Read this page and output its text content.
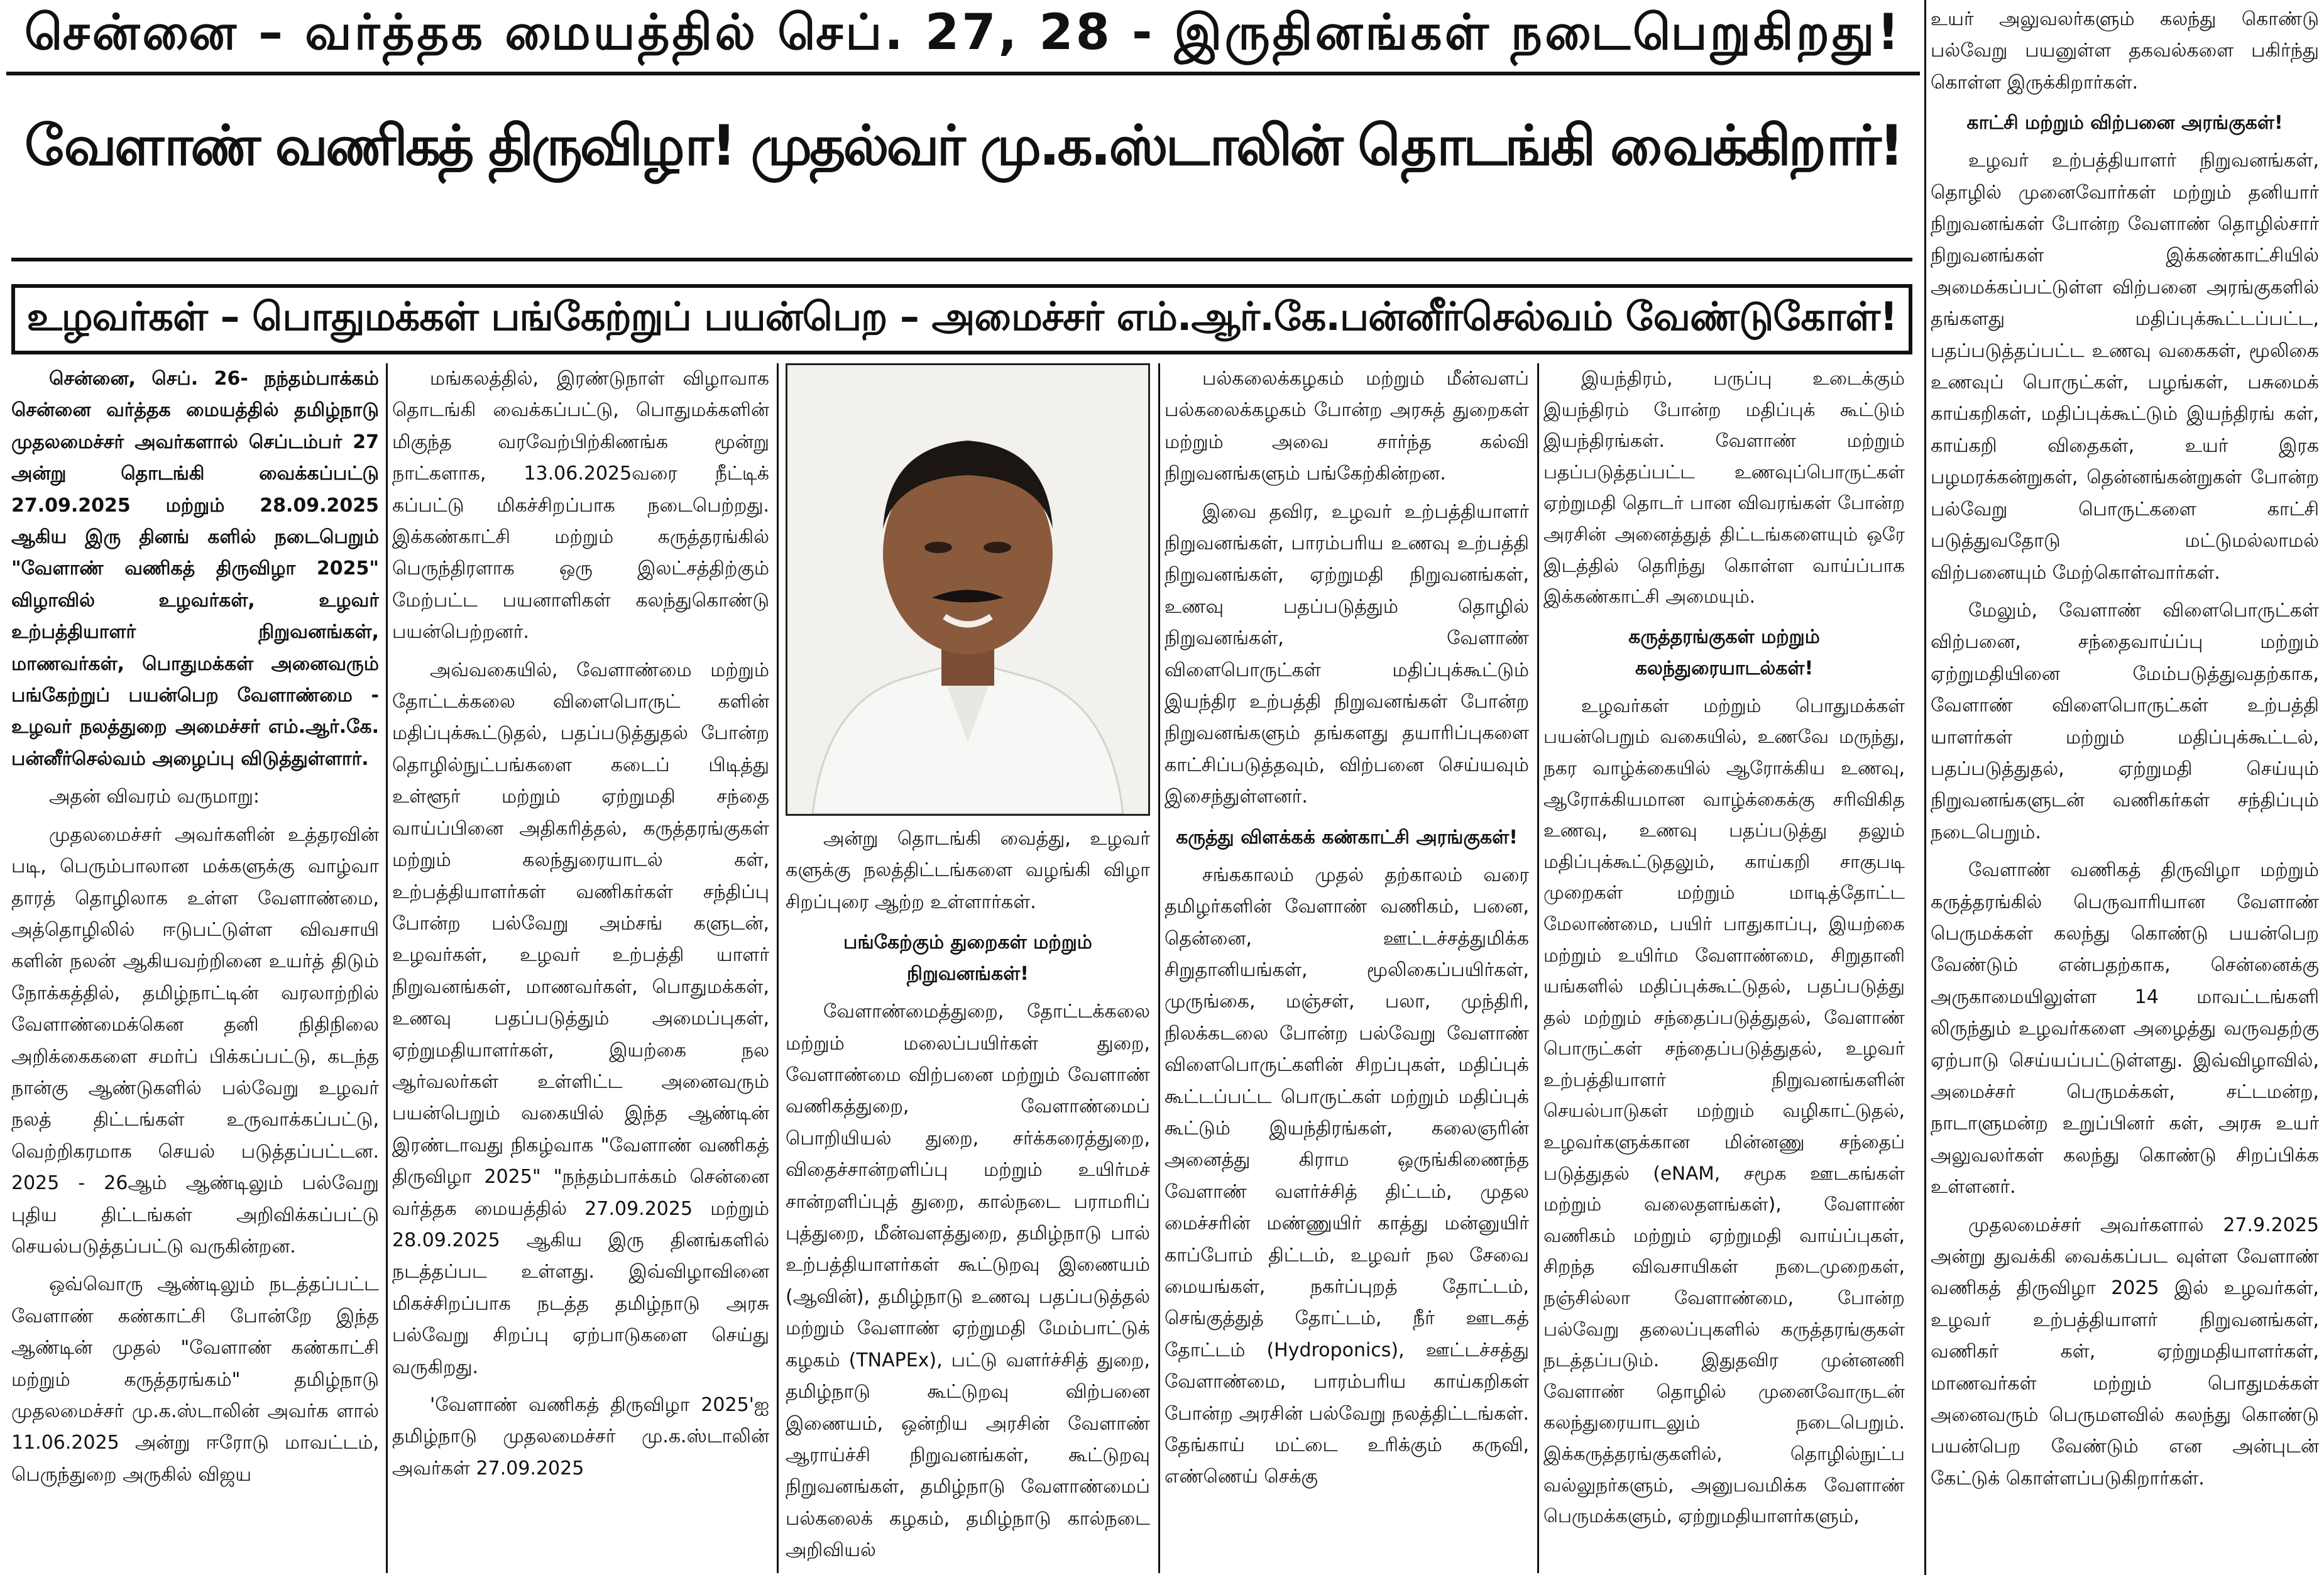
சென்னை – வர்த்தக மையத்தில் செப். 27, 28 - இருதினங்கள் நடைபெறுகிறது!
வேளாண் வணிகத் திருவிழா! முதல்வர் மு.க.ஸ்டாலின் தொடங்கி வைக்கிறார்!
உழவர்கள் – பொதுமக்கள் பங்கேற்றுப் பயன்பெற – அமைச்சர் எம்.ஆர்.கே.பன்னீர்செல்வம் வேண்டுகோள்!

சென்னை, செப். 26- நந்தம்பாக்கம் சென்னை வர்த்தக மையத்தில் தமிழ்நாடு முதலமைச்சர் அவர்களால் செப்டம்பர் 27 அன்று தொடங்கி வைக்கப்பட்டு 27.09.2025 மற்றும் 28.09.2025 ஆகிய இரு தினங் களில் நடைபெறும் "வேளாண் வணிகத் திருவிழா 2025" விழாவில் உழவர்கள், உழவர் உற்பத்தியாளர் நிறுவனங்கள், மாணவர்கள், பொதுமக்கள் அனைவரும் பங்கேற்றுப் பயன்பெற வேளாண்மை - உழவர் நலத்துறை அமைச்சர் எம்.ஆர்.கே. பன்னீர்செல்வம் அழைப்பு விடுத்துள்ளார்.

அதன் விவரம் வருமாறு:

முதலமைச்சர் அவர்களின் உத்தரவின் படி, பெரும்பாலான மக்களுக்கு வாழ்வா தாரத் தொழிலாக உள்ள வேளாண்மை, அத்தொழிலில் ஈடுபட்டுள்ள விவசாயி களின் நலன் ஆகியவற்றினை உயர்த் திடும் நோக்கத்தில், தமிழ்நாட்டின் வரலாற்றில் வேளாண்மைக்கென தனி நிதிநிலை அறிக்கைகளை சமர்ப் பிக்கப்பட்டு, கடந்த நான்கு ஆண்டுகளில் பல்வேறு உழவர் நலத் திட்டங்கள் உருவாக்கப்பட்டு, வெற்றிகரமாக செயல் படுத்தப்பட்டன. 2025 - 26ஆம் ஆண்டிலும் பல்வேறு புதிய திட்டங்கள் அறிவிக்கப்பட்டு செயல்படுத்தப்பட்டு வருகின்றன.

ஒவ்வொரு ஆண்டிலும் நடத்தப்பட்ட வேளாண் கண்காட்சி போன்றே இந்த ஆண்டின் முதல் "வேளாண் கண்காட்சி மற்றும் கருத்தரங்கம்" தமிழ்நாடு முதலமைச்சர் மு.க.ஸ்டாலின் அவர்க ளால் 11.06.2025 அன்று ஈரோடு மாவட்டம், பெருந்துறை அருகில் விஜய

மங்கலத்தில், இரண்டுநாள் விழாவாக தொடங்கி வைக்கப்பட்டு, பொதுமக்களின் மிகுந்த வரவேற்பிற்கிணங்க மூன்று நாட்களாக, 13.06.2025வரை நீட்டிக் கப்பட்டு மிகச்சிறப்பாக நடைபெற்றது. இக்கண்காட்சி மற்றும் கருத்தரங்கில் பெருந்திரளாக ஒரு இலட்சத்திற்கும் மேற்பட்ட பயனாளிகள் கலந்துகொண்டு பயன்பெற்றனர்.

அவ்வகையில், வேளாண்மை மற்றும் தோட்டக்கலை விளைபொருட் களின் மதிப்புக்கூட்டுதல், பதப்படுத்துதல் போன்ற தொழில்நுட்பங்களை கடைப் பிடித்து உள்ளூர் மற்றும் ஏற்றுமதி சந்தை வாய்ப்பினை அதிகரித்தல், கருத்தரங்குகள் மற்றும் கலந்துரையாடல் கள், உற்பத்தியாளர்கள் வணிகர்கள் சந்திப்பு போன்ற பல்வேறு அம்சங் களுடன், உழவர்கள், உழவர் உற்பத்தி யாளர் நிறுவனங்கள், மாணவர்கள், பொதுமக்கள், உணவு பதப்படுத்தும் அமைப்புகள், ஏற்றுமதியாளர்கள், இயற்கை நல ஆர்வலர்கள் உள்ளிட்ட அனைவரும் பயன்பெறும் வகையில் இந்த ஆண்டின் இரண்டாவது நிகழ்வாக "வேளாண் வணிகத் திருவிழா 2025" "நந்தம்பாக்கம் சென்னை வர்த்தக மையத்தில் 27.09.2025 மற்றும் 28.09.2025 ஆகிய இரு தினங்களில் நடத்தப்பட உள்ளது. இவ்விழாவினை மிகச்சிறப்பாக நடத்த தமிழ்நாடு அரசு பல்வேறு சிறப்பு ஏற்பாடுகளை செய்து வருகிறது.

'வேளாண் வணிகத் திருவிழா 2025'ஐ தமிழ்நாடு முதலமைச்சர் மு.க.ஸ்டாலின் அவர்கள் 27.09.2025

அன்று தொடங்கி வைத்து, உழவர் களுக்கு நலத்திட்டங்களை வழங்கி விழா சிறப்புரை ஆற்ற உள்ளார்கள்.

பங்கேற்கும் துறைகள் மற்றும் நிறுவனங்கள்!

வேளாண்மைத்துறை, தோட்டக்கலை மற்றும் மலைப்பயிர்கள் துறை, வேளாண்மை விற்பனை மற்றும் வேளாண் வணிகத்துறை, வேளாண்மைப் பொறியியல் துறை, சர்க்கரைத்துறை, விதைச்சான்றளிப்பு மற்றும் உயிர்மச் சான்றளிப்புத் துறை, கால்நடை பராமரிப் புத்துறை, மீன்வளத்துறை, தமிழ்நாடு பால் உற்பத்தியாளர்கள் கூட்டுறவு இணையம் (ஆவின்), தமிழ்நாடு உணவு பதப்படுத்தல் மற்றும் வேளாண் ஏற்றுமதி மேம்பாட்டுக் கழகம் (TNAPEx), பட்டு வளர்ச்சித் துறை, தமிழ்நாடு கூட்டுறவு விற்பனை இணையம், ஒன்றிய அரசின் வேளாண் ஆராய்ச்சி நிறுவனங்கள், கூட்டுறவு நிறுவனங்கள், தமிழ்நாடு வேளாண்மைப் பல்கலைக் கழகம், தமிழ்நாடு கால்நடை அறிவியல்

பல்கலைக்கழகம் மற்றும் மீன்வளப் பல்கலைக்கழகம் போன்ற அரசுத் துறைகள் மற்றும் அவை சார்ந்த கல்வி நிறுவனங்களும் பங்கேற்கின்றன.

இவை தவிர, உழவர் உற்பத்தியாளர் நிறுவனங்கள், பாரம்பரிய உணவு உற்பத்தி நிறுவனங்கள், ஏற்றுமதி நிறுவனங்கள், உணவு பதப்படுத்தும் தொழில் நிறுவனங்கள், வேளாண் விளைபொருட்கள் மதிப்புக்கூட்டும் இயந்திர உற்பத்தி நிறுவனங்கள் போன்ற நிறுவனங்களும் தங்களது தயாரிப்புகளை காட்சிப்படுத்தவும், விற்பனை செய்யவும் இசைந்துள்ளனர்.

கருத்து விளக்கக் கண்காட்சி அரங்குகள்!

சங்ககாலம் முதல் தற்காலம் வரை தமிழர்களின் வேளாண் வணிகம், பனை, தென்னை, ஊட்டச்சத்துமிக்க சிறுதானியங்கள், மூலிகைப்பயிர்கள், முருங்கை, மஞ்சள், பலா, முந்திரி, நிலக்கடலை போன்ற பல்வேறு வேளாண் விளைபொருட்களின் சிறப்புகள், மதிப்புக் கூட்டப்பட்ட பொருட்கள் மற்றும் மதிப்புக் கூட்டும் இயந்திரங்கள், கலைஞரின் அனைத்து கிராம ஒருங்கிணைந்த வேளாண் வளர்ச்சித் திட்டம், முதல மைச்சரின் மண்ணுயிர் காத்து மன்னுயிர் காப்போம் திட்டம், உழவர் நல சேவை மையங்கள், நகர்ப்புறத் தோட்டம், செங்குத்துத் தோட்டம், நீர் ஊடகத் தோட்டம் (Hydroponics), ஊட்டச்சத்து வேளாண்மை, பாரம்பரிய காய்கறிகள் போன்ற அரசின் பல்வேறு நலத்திட்டங்கள். தேங்காய் மட்டை உரிக்கும் கருவி, எண்ணெய் செக்கு

இயந்திரம், பருப்பு உடைக்கும் இயந்திரம் போன்ற மதிப்புக் கூட்டும் இயந்திரங்கள். வேளாண் மற்றும் பதப்படுத்தப்பட்ட உணவுப்பொருட்கள் ஏற்றுமதி தொடர் பான விவரங்கள் போன்ற அரசின் அனைத்துத் திட்டங்களையும் ஒரே இடத்தில் தெரிந்து கொள்ள வாய்ப்பாக இக்கண்காட்சி அமையும்.

கருத்தரங்குகள் மற்றும் கலந்துரையாடல்கள்!

உழவர்கள் மற்றும் பொதுமக்கள் பயன்பெறும் வகையில், உணவே மருந்து, நகர வாழ்க்கையில் ஆரோக்கிய உணவு, ஆரோக்கியமான வாழ்க்கைக்கு சரிவிகித உணவு, உணவு பதப்படுத்து தலும் மதிப்புக்கூட்டுதலும், காய்கறி சாகுபடி முறைகள் மற்றும் மாடித்தோட்ட மேலாண்மை, பயிர் பாதுகாப்பு, இயற்கை மற்றும் உயிர்ம வேளாண்மை, சிறுதானி யங்களில் மதிப்புக்கூட்டுதல், பதப்படுத்து தல் மற்றும் சந்தைப்படுத்துதல், வேளாண் பொருட்கள் சந்தைப்படுத்துதல், உழவர் உற்பத்தியாளர் நிறுவனங்களின் செயல்பாடுகள் மற்றும் வழிகாட்டுதல், உழவர்களுக்கான மின்னணு சந்தைப் படுத்துதல் (eNAM, சமூக ஊடகங்கள் மற்றும் வலைதளங்கள்), வேளாண் வணிகம் மற்றும் ஏற்றுமதி வாய்ப்புகள், சிறந்த விவசாயிகள் நடைமுறைகள், நஞ்சில்லா வேளாண்மை, போன்ற பல்வேறு தலைப்புகளில் கருத்தரங்குகள் நடத்தப்படும். இதுதவிர முன்னணி வேளாண் தொழில் முனைவோருடன் கலந்துரையாடலும் நடைபெறும். இக்கருத்தரங்குகளில், தொழில்நுட்ப வல்லுநர்களும், அனுபவமிக்க வேளாண் பெருமக்களும், ஏற்றுமதியாளர்களும்,

உயர் அலுவலர்களும் கலந்து கொண்டு பல்வேறு பயனுள்ள தகவல்களை பகிர்ந்து கொள்ள இருக்கிறார்கள்.

காட்சி மற்றும் விற்பனை அரங்குகள்!

உழவர் உற்பத்தியாளர் நிறுவனங்கள், தொழில் முனைவோர்கள் மற்றும் தனியார் நிறுவனங்கள் போன்ற வேளாண் தொழில்சார் நிறுவனங்கள் இக்கண்காட்சியில் அமைக்கப்பட்டுள்ள விற்பனை அரங்குகளில் தங்களது மதிப்புக்கூட்டப்பட்ட, பதப்படுத்தப்பட்ட உணவு வகைகள், மூலிகை உணவுப் பொருட்கள், பழங்கள், பசுமைக் காய்கறிகள், மதிப்புக்கூட்டும் இயந்திரங் கள், காய்கறி விதைகள், உயர் இரக பழமரக்கன்றுகள், தென்னங்கன்றுகள் போன்ற பல்வேறு பொருட்களை காட்சி படுத்துவதோடு மட்டுமல்லாமல் விற்பனையும் மேற்கொள்வார்கள்.

மேலும், வேளாண் விளைபொருட்கள் விற்பனை, சந்தைவாய்ப்பு மற்றும் ஏற்றுமதியினை மேம்படுத்துவதற்காக, வேளாண் விளைபொருட்கள் உற்பத்தி யாளர்கள் மற்றும் மதிப்புக்கூட்டல், பதப்படுத்துதல், ஏற்றுமதி செய்யும் நிறுவனங்களுடன் வணிகர்கள் சந்திப்பும் நடைபெறும்.

வேளாண் வணிகத் திருவிழா மற்றும் கருத்தரங்கில் பெருவாரியான வேளாண் பெருமக்கள் கலந்து கொண்டு பயன்பெற வேண்டும் என்பதற்காக, சென்னைக்கு அருகாமையிலுள்ள 14 மாவட்டங்களி லிருந்தும் உழவர்களை அழைத்து வருவதற்கு ஏற்பாடு செய்யப்பட்டுள்ளது. இவ்விழாவில், அமைச்சர் பெருமக்கள், சட்டமன்ற, நாடாளுமன்ற உறுப்பினர் கள், அரசு உயர் அலுவலர்கள் கலந்து கொண்டு சிறப்பிக்க உள்ளனர்.

முதலமைச்சர் அவர்களால் 27.9.2025 அன்று துவக்கி வைக்கப்பட வுள்ள வேளாண் வணிகத் திருவிழா 2025 இல் உழவர்கள், உழவர் உற்பத்தியாளர் நிறுவனங்கள், வணிகர் கள், ஏற்றுமதியாளர்கள், மாணவர்கள் மற்றும் பொதுமக்கள் அனைவரும் பெருமளவில் கலந்து கொண்டு பயன்பெற வேண்டும் என அன்புடன் கேட்டுக் கொள்ளப்படுகிறார்கள்.
